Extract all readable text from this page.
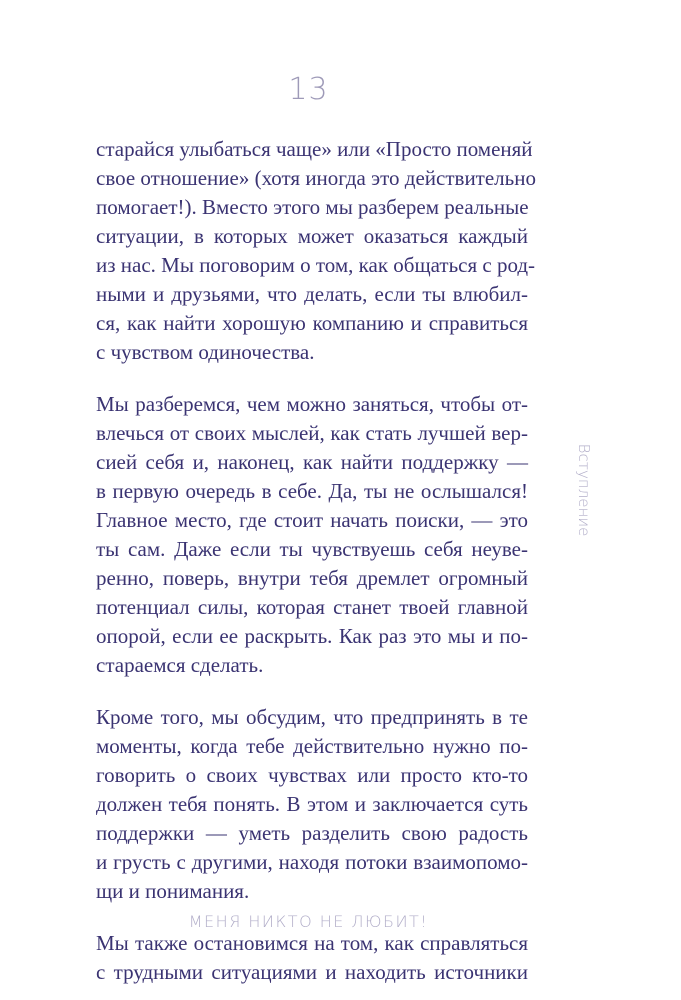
13

старайся улыбаться чаще» или «Просто поменяй
свое отношение» (хотя иногда это действительно
помогает!). Вместо этого мы разберем реальные
ситуации, в которых может оказаться каждый
из нас. Мы поговорим о том, как общаться с род-
ными и друзьями, что делать, если ты влюбил-
ся, как найти хорошую компанию и справиться
с чувством одиночества.

Мы разберемся, чем можно заняться, чтобы от-
влечься от своих мыслей, как стать лучшей вер-
сией себя и, наконец, как найти поддержку —
в первую очередь в себе. Да, ты не ослышался!
Главное место, где стоит начать поиски, — это
ты сам. Даже если ты чувствуешь себя неуве-
ренно, поверь, внутри тебя дремлет огромный
потенциал силы, которая станет твоей главной
опорой, если ее раскрыть. Как раз это мы и по-
стараемся сделать.

Кроме того, мы обсудим, что предпринять в те
моменты, когда тебе действительно нужно по-
говорить о своих чувствах или просто кто-то
должен тебя понять. В этом и заключается суть
поддержки — уметь разделить свою радость
и грусть с другими, находя потоки взаимопомо-
щи и понимания.

Мы также остановимся на том, как справляться
с трудными ситуациями и находить источники

Вступление
МЕНЯ НИКТО НЕ ЛЮБИТ!
